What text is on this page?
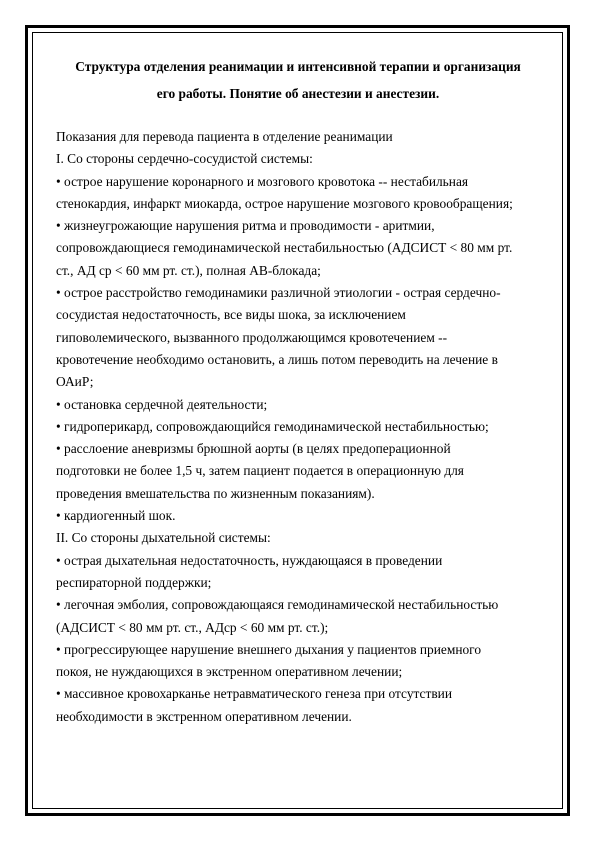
Структура отделения реанимации и интенсивной терапии и организация
его работы. Понятие об анестезии и анестезии.

Показания для перевода пациента в отделение реанимации

I. Со стороны сердечно-сосудистой системы:

• острое нарушение коронарного и мозгового кровотока -- нестабильная

стенокардия, инфаркт миокарда, острое нарушение мозгового кровообращения;

• жизнеугрожающие нарушения ритма и проводимости - аритмии,

сопровождающиеся гемодинамической нестабильностью (АДСИСТ < 80 мм рт.

ст., АД ср < 60 мм рт. ст.), полная АВ-блокада;

• острое расстройство гемодинамики различной этиологии - острая сердечно-

сосудистая недостаточность, все виды шока, за исключением

гиповолемического, вызванного продолжающимся кровотечением --

кровотечение необходимо остановить, а лишь потом переводить на лечение в

ОАиР;

• остановка сердечной деятельности;

• гидроперикард, сопровождающийся гемодинамической нестабильностью;

• расслоение аневризмы брюшной аорты (в целях предоперационной

подготовки не более 1,5 ч, затем пациент подается в операционную для

проведения вмешательства по жизненным показаниям).

• кардиогенный шок.

II. Со стороны дыхательной системы:

• острая дыхательная недостаточность, нуждающаяся в проведении

респираторной поддержки;

• легочная эмболия, сопровождающаяся гемодинамической нестабильностью

(АДСИСТ < 80 мм рт. ст., АДср < 60 мм рт. ст.);

• прогрессирующее нарушение внешнего дыхания у пациентов приемного

покоя, не нуждающихся в экстренном оперативном лечении;

• массивное кровохарканье нетравматического генеза при отсутствии

необходимости в экстренном оперативном лечении.
